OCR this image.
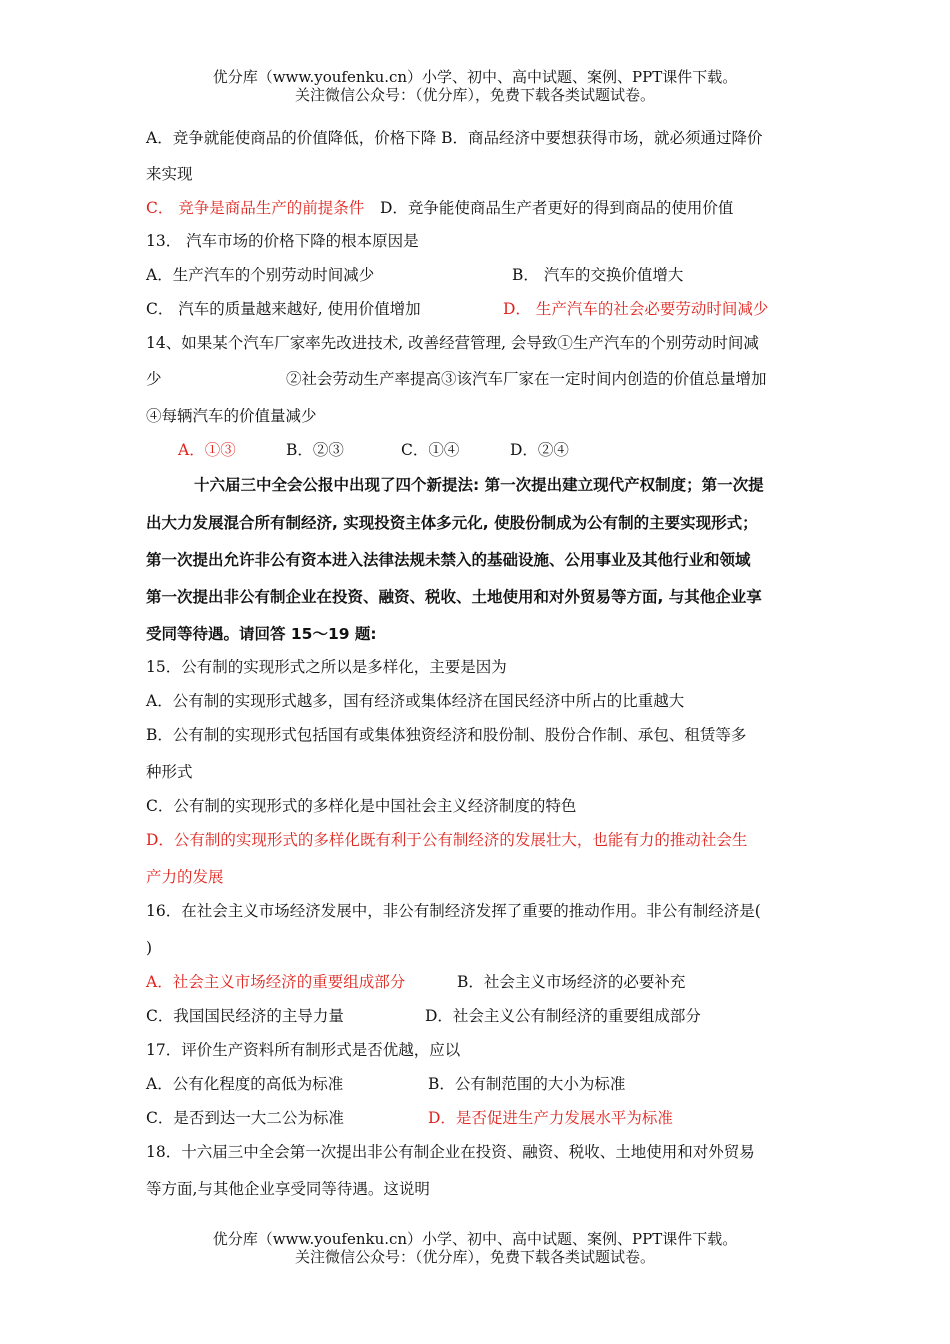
优分库（www.youfenku.cn）小学、初中、高中试题、案例、PPT课件下载。
关注微信公众号：（优分库），免费下载各类试题试卷。
A．竞争就能使商品的价值降低，价格下降 B．商品经济中要想获得市场，就必须通过降价
来实现
C． 竞争是商品生产的前提条件 D．竞争能使商品生产者更好的得到商品的使用价值
13． 汽车市场的价格下降的根本原因是
A．生产汽车的个别劳动时间减少	B． 汽车的交换价值增大
C． 汽车的质量越来越好, 使用价值增加	D． 生产汽车的社会必要劳动时间减少
14、如果某个汽车厂家率先改进技术, 改善经营管理, 会导致①生产汽车的个别劳动时间减
少	②社会劳动生产率提高③该汽车厂家在一定时间内创造的价值总量增加
④每辆汽车的价值量减少
A．①③	B．②③	C．①④	D．②④
十六届三中全会公报中出现了四个新提法: 第一次提出建立现代产权制度；第一次提
出大力发展混合所有制经济, 实现投资主体多元化, 使股份制成为公有制的主要实现形式；
第一次提出允许非公有资本进入法律法规未禁入的基础设施、公用事业及其他行业和领域
第一次提出非公有制企业在投资、融资、税收、土地使用和对外贸易等方面, 与其他企业享
受同等待遇。请回答 15～19 题:
15．公有制的实现形式之所以是多样化，主要是因为
A．公有制的实现形式越多，国有经济或集体经济在国民经济中所占的比重越大
B．公有制的实现形式包括国有或集体独资经济和股份制、股份合作制、承包、租赁等多
种形式
C．公有制的实现形式的多样化是中国社会主义经济制度的特色
D．公有制的实现形式的多样化既有利于公有制经济的发展壮大，也能有力的推动社会生
产力的发展
16．在社会主义市场经济发展中，非公有制经济发挥了重要的推动作用。非公有制经济是(
)
A．社会主义市场经济的重要组成部分	B．社会主义市场经济的必要补充
C．我国国民经济的主导力量	D．社会主义公有制经济的重要组成部分
17．评价生产资料所有制形式是否优越，应以
A．公有化程度的高低为标准	B．公有制范围的大小为标准
C．是否到达一大二公为标准	D．是否促进生产力发展水平为标准
18．十六届三中全会第一次提出非公有制企业在投资、融资、税收、土地使用和对外贸易
等方面,与其他企业享受同等待遇。这说明
优分库（www.youfenku.cn）小学、初中、高中试题、案例、PPT课件下载。
关注微信公众号：（优分库），免费下载各类试题试卷。
